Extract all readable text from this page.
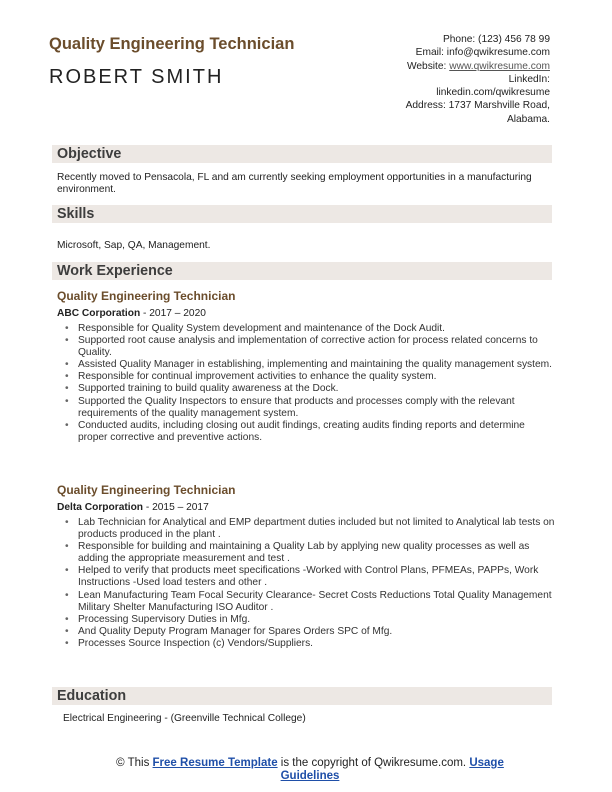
Quality Engineering Technician
ROBERT SMITH
Phone: (123) 456 78 99
Email: info@qwikresume.com
Website: www.qwikresume.com
LinkedIn:
linkedin.com/qwikresume
Address: 1737 Marshville Road,
Alabama.
Objective
Recently moved to Pensacola, FL and am currently seeking employment opportunities in a manufacturing environment.
Skills
Microsoft, Sap, QA, Management.
Work Experience
Quality Engineering Technician
ABC Corporation - 2017 – 2020
• Responsible for Quality System development and maintenance of the Dock Audit.
• Supported root cause analysis and implementation of corrective action for process related concerns to Quality.
• Assisted Quality Manager in establishing, implementing and maintaining the quality management system.
• Responsible for continual improvement activities to enhance the quality system.
• Supported training to build quality awareness at the Dock.
• Supported the Quality Inspectors to ensure that products and processes comply with the relevant requirements of the quality management system.
• Conducted audits, including closing out audit findings, creating audits finding reports and determine proper corrective and preventive actions.
Quality Engineering Technician
Delta Corporation - 2015 – 2017
• Lab Technician for Analytical and EMP department duties included but not limited to Analytical lab tests on products produced in the plant .
• Responsible for building and maintaining a Quality Lab by applying new quality processes as well as adding the appropriate measurement and test .
• Helped to verify that products meet specifications -Worked with Control Plans, PFMEAs, PAPPs, Work Instructions -Used load testers and other .
• Lean Manufacturing Team Focal Security Clearance- Secret Costs Reductions Total Quality Management Military Shelter Manufacturing ISO Auditor .
• Processing Supervisory Duties in Mfg.
• And Quality Deputy Program Manager for Spares Orders SPC of Mfg.
• Processes Source Inspection (c) Vendors/Suppliers.
Education
Electrical Engineering - (Greenville Technical College)
© This Free Resume Template is the copyright of Qwikresume.com. Usage
Guidelines
